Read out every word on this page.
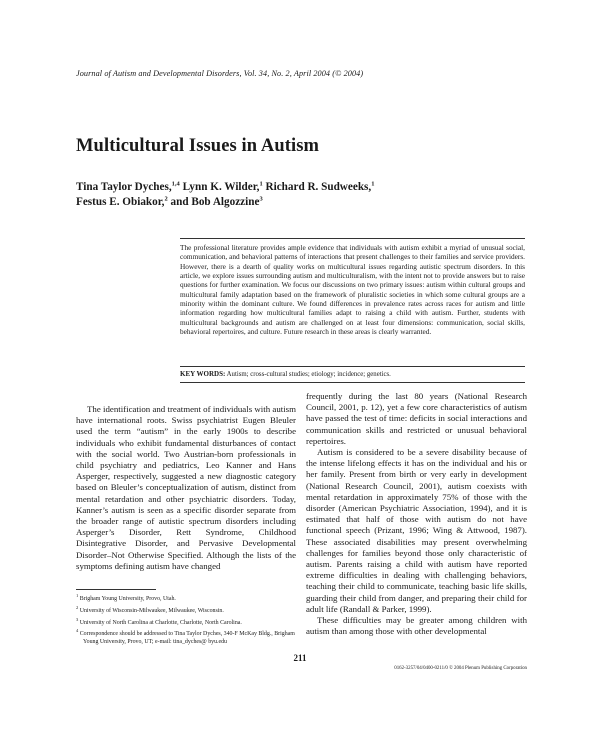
Journal of Autism and Developmental Disorders, Vol. 34, No. 2, April 2004 (© 2004)
Multicultural Issues in Autism
Tina Taylor Dyches,$^{1,4}$ Lynn K. Wilder,$^1$ Richard R. Sudweeks,$^1$
Festus E. Obiakor,$^2$ and Bob Algozzine$^3$
The professional literature provides ample evidence that individuals with autism exhibit a myriad of unusual social, communication, and behavioral patterns of interactions that present challenges to their families and service providers. However, there is a dearth of quality works on multicultural issues regarding autistic spectrum disorders. In this article, we explore issues surrounding autism and multiculturalism, with the intent not to provide answers but to raise questions for further examination. We focus our discussions on two primary issues: autism within cultural groups and multicultural family adaptation based on the framework of pluralistic societies in which some cultural groups are a minority within the dominant culture. We found differences in prevalence rates across races for autism and little information regarding how multicultural families adapt to raising a child with autism. Further, students with multicultural backgrounds and autism are challenged on at least four dimensions: communication, social skills, behavioral repertoires, and culture. Future research in these areas is clearly warranted.
KEY WORDS: Autism; cross-cultural studies; etiology; incidence; genetics.

The identification and treatment of individuals with autism have international roots. Swiss psychiatrist Eugen Bleuler used the term “autism” in the early 1900s to describe individuals who exhibit fundamental disturbances of contact with the social world. Two Austrian-born professionals in child psychiatry and pediatrics, Leo Kanner and Hans Asperger, respectively, suggested a new diagnostic category based on Bleuler’s conceptualization of autism, distinct from mental retardation and other psychiatric disorders. Today, Kanner’s autism is seen as a specific disorder separate from the broader range of autistic spectrum disorders including Asperger’s Disorder, Rett Syndrome, Childhood Disintegrative Disorder, and Pervasive Developmental Disorder–Not Otherwise Specified. Although the lists of the symptoms defining autism have changed

frequently during the last 80 years (National Research Council, 2001, p. 12), yet a few core characteristics of autism have passed the test of time: deficits in social interactions and communication skills and restricted or unusual behavioral repertoires.

Autism is considered to be a severe disability because of the intense lifelong effects it has on the individual and his or her family. Present from birth or very early in development (National Research Council, 2001), autism coexists with mental retardation in approximately 75% of those with the disorder (American Psychiatric Association, 1994), and it is estimated that half of those with autism do not have functional speech (Prizant, 1996; Wing & Attwood, 1987). These associated disabilities may present overwhelming challenges for families beyond those only characteristic of autism. Parents raising a child with autism have reported extreme difficulties in dealing with challenging behaviors, teaching their child to communicate, teaching basic life skills, guarding their child from danger, and preparing their child for adult life (Randall & Parker, 1999).

These difficulties may be greater among children with autism than among those with other developmental

$^1$ Brigham Young University, Provo, Utah.
$^2$ University of Wisconsin-Milwaukee, Milwaukee, Wisconsin.
$^3$ University of North Carolina at Charlotte, Charlotte, North Carolina.
$^4$ Correspondence should be addressed to Tina Taylor Dyches, 340-F McKay Bldg., Brigham Young University, Provo, UT; e-mail: tina_dyches@ byu.edu
211
0162-3257/04/0400-0211/0 © 2004 Plenum Publishing Corporation
